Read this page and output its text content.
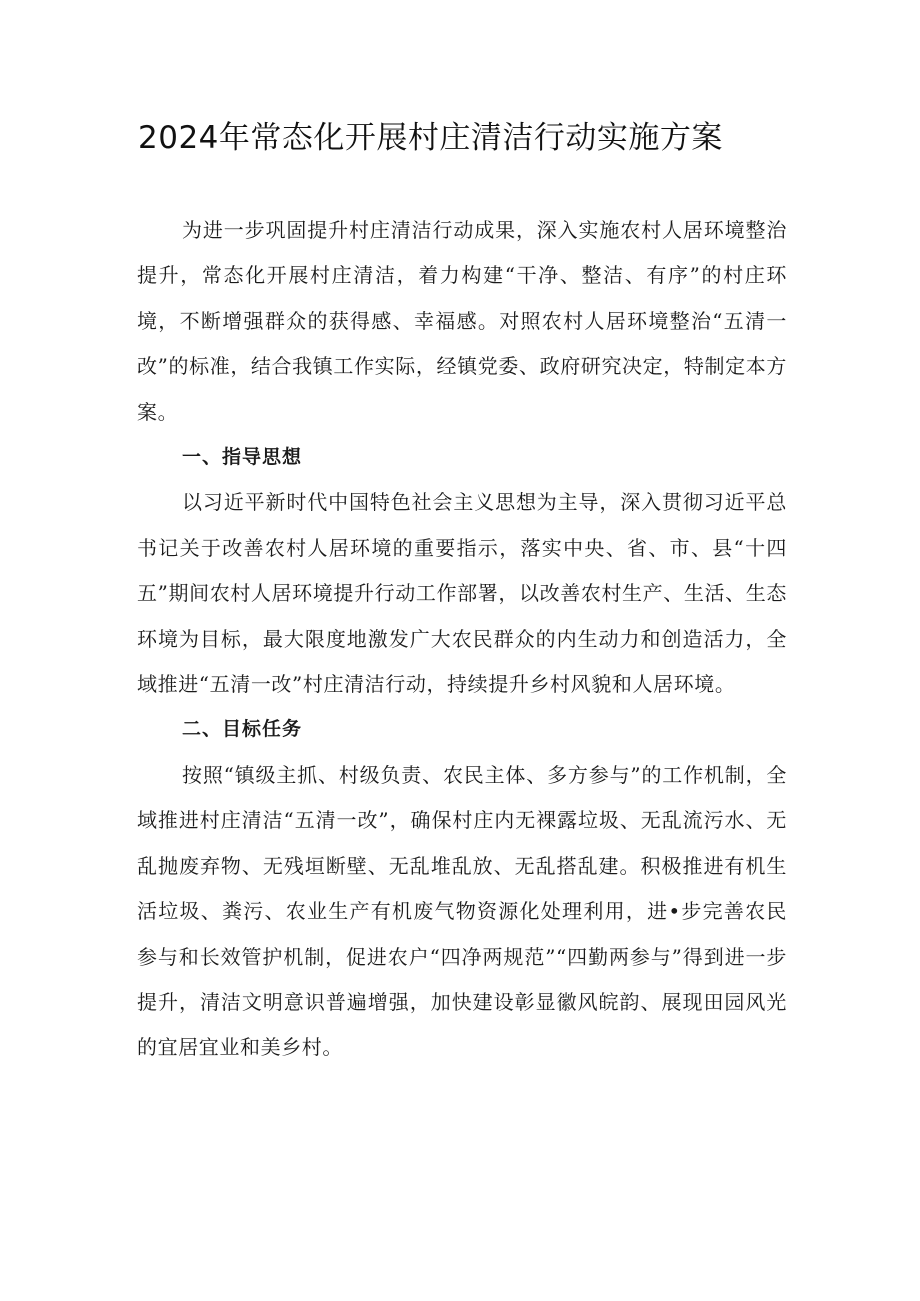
2024年常态化开展村庄清洁行动实施方案

为进一步巩固提升村庄清洁行动成果，深入实施农村人居环境整治提升，常态化开展村庄清洁，着力构建“干净、整洁、有序”的村庄环境，不断增强群众的获得感、幸福感。对照农村人居环境整治“五清一改”的标准，结合我镇工作实际，经镇党委、政府研究决定，特制定本方案。

一、指导思想

以习近平新时代中国特色社会主义思想为主导，深入贯彻习近平总书记关于改善农村人居环境的重要指示，落实中央、省、市、县“十四五”期间农村人居环境提升行动工作部署，以改善农村生产、生活、生态环境为目标，最大限度地激发广大农民群众的内生动力和创造活力，全域推进“五清一改”村庄清洁行动，持续提升乡村风貌和人居环境。

二、目标任务

按照“镇级主抓、村级负责、农民主体、多方参与”的工作机制，全域推进村庄清洁“五清一改”，确保村庄内无裸露垃圾、无乱流污水、无乱抛废弃物、无残垣断壁、无乱堆乱放、无乱搭乱建。积极推进有机生活垃圾、粪污、农业生产有机废气物资源化处理利用，进•步完善农民参与和长效管护机制，促进农户“四净两规范”“四勤两参与”得到进一步提升，清洁文明意识普遍增强，加快建设彰显徽风皖韵、展现田园风光的宜居宜业和美乡村。
